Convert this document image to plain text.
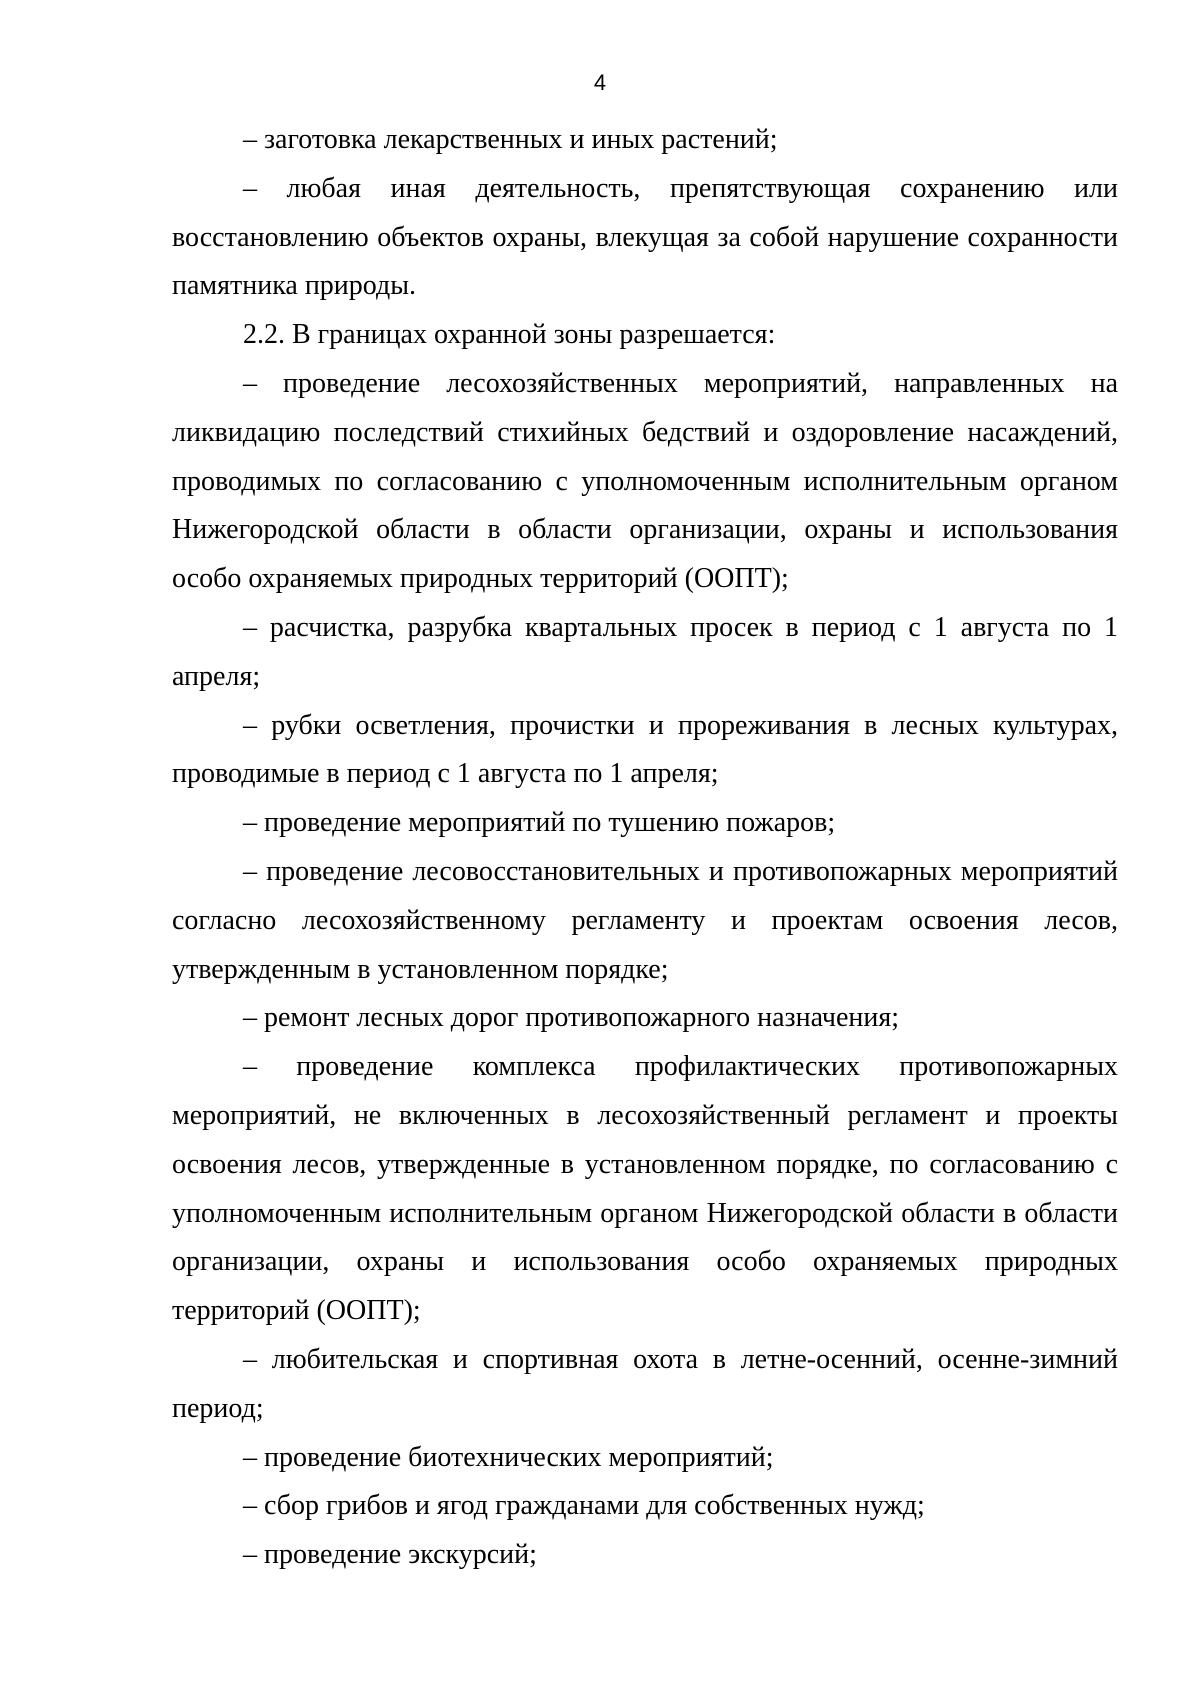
4

– заготовка лекарственных и иных растений;

– любая иная деятельность, препятствующая сохранению или восстановлению объектов охраны, влекущая за собой нарушение сохранности памятника природы.

2.2. В границах охранной зоны разрешается:

– проведение лесохозяйственных мероприятий, направленных на ликвидацию последствий стихийных бедствий и оздоровление насаждений, проводимых по согласованию с уполномоченным исполнительным органом Нижегородской области в области организации, охраны и использования особо охраняемых природных территорий (ООПТ);

– расчистка, разрубка квартальных просек в период с 1 августа по 1 апреля;

– рубки осветления, прочистки и прореживания в лесных культурах, проводимые в период с 1 августа по 1 апреля;

– проведение мероприятий по тушению пожаров;

– проведение лесовосстановительных и противопожарных мероприятий согласно лесохозяйственному регламенту и проектам освоения лесов, утвержденным в установленном порядке;

– ремонт лесных дорог противопожарного назначения;

– проведение комплекса профилактических противопожарных мероприятий, не включенных в лесохозяйственный регламент и проекты освоения лесов, утвержденные в установленном порядке, по согласованию с уполномоченным исполнительным органом Нижегородской области в области организации, охраны и использования особо охраняемых природных территорий (ООПТ);

– любительская и спортивная охота в летне-осенний, осенне-зимний период;

– проведение биотехнических мероприятий;

– сбор грибов и ягод гражданами для собственных нужд;

– проведение экскурсий;
